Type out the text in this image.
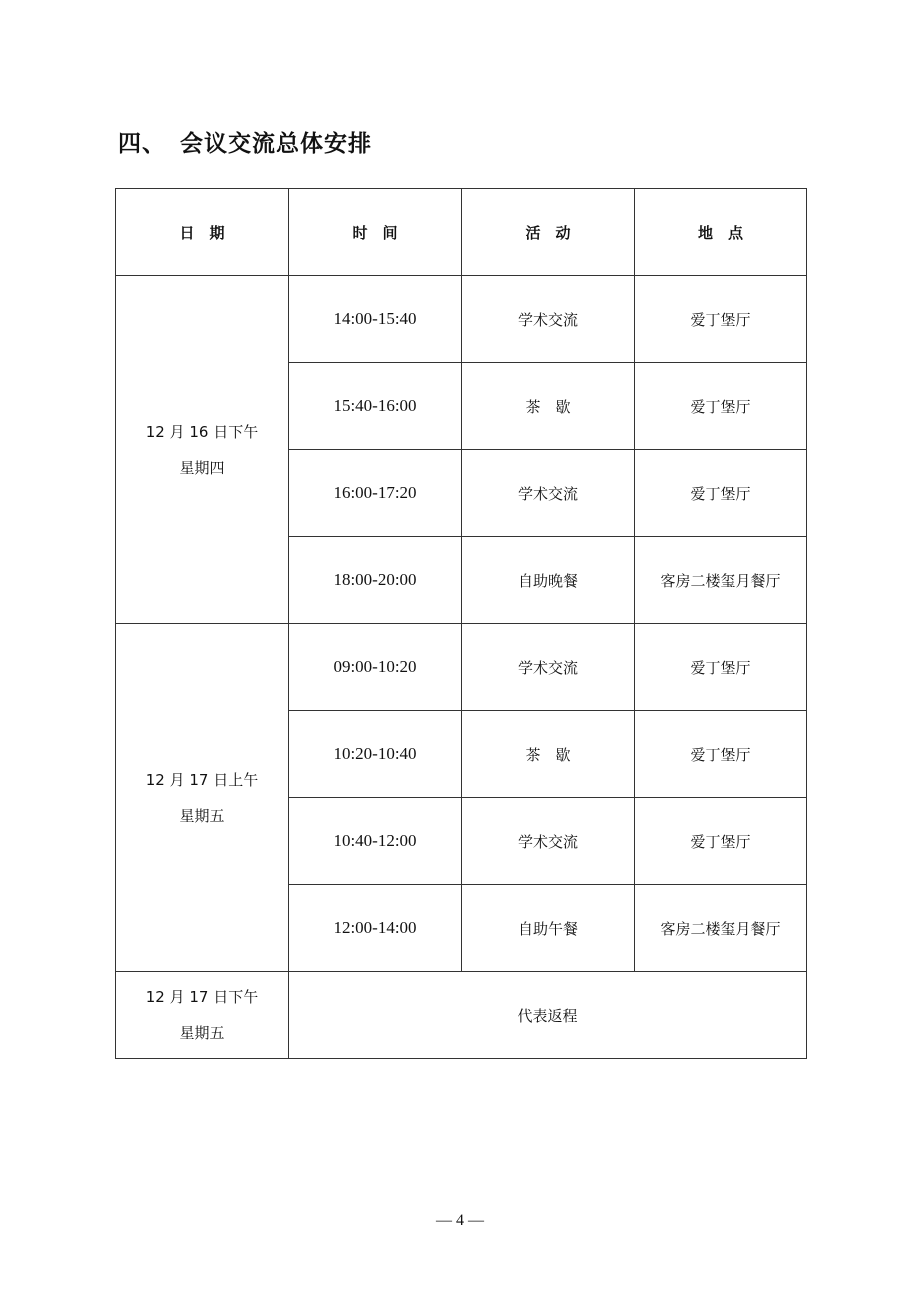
四、 会议交流总体安排
日　期	时　间	活　动	地　点

12 月 16 日下午
星期四	14:00-15:40	学术交流	爱丁堡厅
	15:40-16:00	茶　歇	爱丁堡厅
	16:00-17:20	学术交流	爱丁堡厅
	18:00-20:00	自助晚餐	客房二楼玺月餐厅

12 月 17 日上午
星期五	09:00-10:20	学术交流	爱丁堡厅
	10:20-10:40	茶　歇	爱丁堡厅
	10:40-12:00	学术交流	爱丁堡厅
	12:00-14:00	自助午餐	客房二楼玺月餐厅

12 月 17 日下午
星期五	代表返程		
— 4 —
